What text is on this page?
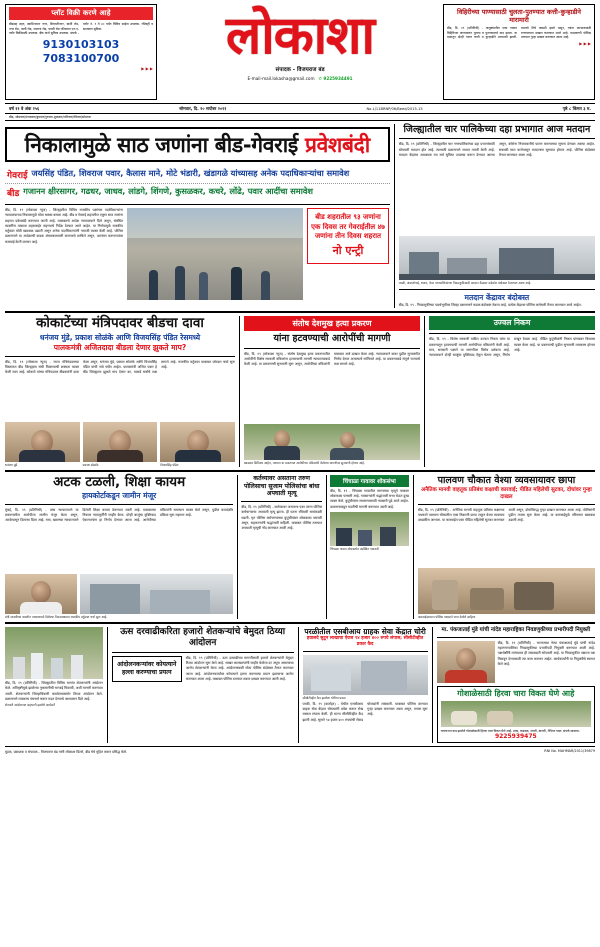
प्लॉट विक्री करणे आहे
बीडसह शहर, स्वामिनाथन नगर, शिवाजीनगर, बार्शी रोड, नगर रोड, पाली रोड, जालना रोड, परळी रोड परिसरात एन.ए. प्लॉट विक्रीसाठी उपलब्ध. बँक कर्ज सुविधा उपलब्ध. संपर्क - प्लॉट नं. १ ते ४० पर्यंत विविध साईज उपलब्ध. रजिस्ट्री व सातबारा सुविधा.
9130103103
7083100700
▶ ▶ ▶
लोकाशा
संपादक - विजयराज बंड
E-mail-mail.lokasha@gmail.com ✆ 9225934491
विहिरीच्या पाण्यासाठी चुलता-पुतण्यात कत्ती-कुन्हाडीने मारामारी
बीड, दि. १९ (प्रतिनिधी) - तालुक्यातील एका गावात विहिरीच्या पाण्यावरुन चुलता व पुतण्यामध्ये वाद झाला. या वादातून दोन्ही गटात कत्ती व कुन्हाडीने मारामारी झाली. यामध्ये तिघे जखमी झाले असून, त्यांना उपचारासाठी रुग्णालयात दाखल करण्यात आले आहे. याप्रकरणी पोलिस ठाण्यात गुन्हा दाखल करण्यात आला आहे.
▶ ▶ ▶
वर्ष ११ वे अंक २५६	सोमवार, दि. २० सप्टेंबर २०२१	No-L/11BRNP/06/Beed/2015-15	पृष्ठे ८ किंमत ३ रु.
बीड, सोमवार/मंगळवार/बुधवार/गुरुवार-शुक्रवार/शनिवार/रविवार/सोमवार
निकालामुळे साठ जणांना बीड-गेवराई प्रवेशबंदी
गेवराई जयसिंह पंडित, शिवराज पवार, कैलास माने, मोटे भंडारी, खंडागळे यांच्यासह अनेक पदाधिकाऱ्यांचा समावेश
बीड गजानन क्षीरसागर, गढधर, जाधव, लांडगे, शिंगणे, कुसळकर, कचरे, लोंढे, पवार आदींचा समावेश
बीड, दि. १९ (लोकाशा न्यूज) - जिल्ह्यातील विविध राजकीय पक्षांच्या पदाधिकाऱ्यांना न्यायालयाच्या निकालामुळे मोठा धक्का बसला आहे. बीड व गेवराई शहरातील एकूण साठ जणांना शहरात प्रवेशबंदी करण्यात आली आहे. याबाबतचे आदेश न्यायालयाने दिले असून, संबंधित व्यक्तींना तत्काळ शहराबाहेर राहण्याचे निर्देश देण्यात आले आहेत. या निर्णयामुळे राजकीय वर्तुळात मोठी खळबळ उडाली असून अनेक पदाधिकाऱ्यांनी नाराजी व्यक्त केली आहे. पोलिस प्रशासनाने या आदेशाची कडक अंमलबजावणी करण्याचे ठरविले असून, उल्लंघन करणाऱ्यांवर कारवाई केली जाणार आहे.
बीड शहरातील ९३ जणांना एक दिवस तर गेवराईतील ४७ जणांना तीन दिवस शहरात
नो एन्ट्री
जिल्ह्यातील चार पालिकेच्या दहा प्रभागात आज मतदान
बीड, दि. १९ (प्रतिनिधी) - जिल्ह्यातील चार नगरपालिकांच्या दहा प्रभागांसाठी सोमवारी मतदान होत आहे. त्यासाठी प्रशासनाने जय्यत तयारी केली आहे. मतदान केंद्रांवर आवश्यक त्या सर्व सुविधा उपलब्ध करून देण्यात आल्या असून, कोरोना नियमावलीचे पालन करण्याच्या सूचना देण्यात आल्या आहेत. सकाळी सात वाजेपासून मतदानास सुरुवात होणार आहे. पोलिस बंदोबस्त तैनात करण्यात आला आहे.
परळी, अंबाजोगाई, धारूर, केज नगरपालिकांच्या निवडणुकीसाठी मतदान केंद्रावर कडेकोट बंदोबस्त ठेवण्यात आला आहे.
मतदान केंद्रावर बंदोबस्त
बीड, दि. १९ - निवडणुकीच्या पार्श्वभूमीवर जिल्हा प्रशासनाने कडक बंदोबस्त ठेवला आहे. प्रत्येक केंद्रावर पोलिस कर्मचारी तैनात करण्यात आले आहेत.
कोकाटेंच्या मंत्रिपदावर बीडचा दावा
धनंजय मुंडे, प्रकाश सोळंके आणि विजयसिंह पंडित रेसमध्ये
पालकमंत्री अजितदादा बीडला देणार झुकते माप?
बीड, दि. १९ (लोकाशा न्यूज) - राज्य मंत्रिमंडळाच्या विस्तारात बीड जिल्ह्याला संधी मिळण्याची शक्यता व्यक्त केली जात आहे. कोकाटे यांच्या मंत्रिपदावर बीडकरांनी दावा केला असून, धनंजय मुंडे, प्रकाश सोळंके आणि विजयसिंह पंडित यांची नावे चर्चेत आहेत. पालकमंत्री अजित पवार हे बीड जिल्ह्याला झुकते माप देणार का, याकडे सर्वांचे लक्ष लागले आहे. राजकीय वर्तुळात याबाबत जोरदार चर्चा सुरू आहे.
धनंजय मुंडे	प्रकाश सोळंके	विजयसिंह पंडित
संतोष देशमुख हत्या प्रकरण
यांना हटवण्याची आरोपींची मागणी
बीड, दि. १९ (लोकाशा न्यूज) - संतोष देशमुख हत्या प्रकरणातील आरोपींनी विशेष सरकारी वकिलांना हटवण्याची मागणी न्यायालयाकडे केली आहे. या प्रकरणाची सुनावणी सुरू असून, आरोपींच्या वकिलांनी याबाबत अर्ज दाखल केला आहे. न्यायालयाने यावर पुढील सुनावणीत निर्णय देणार असल्याचे सांगितले आहे. या प्रकरणाकडे संपूर्ण राज्याचे लक्ष लागले आहे.
खासदार सिनिअर आहेत, न्यायात या प्रकरणात आरोपींच्या वकिलांनी केलेल्या मागणीवर सुनावणी होणार आहे.
उज्वल निकम
बीड, दि. १९ - विशेष सरकारी वकील उज्वल निकम यांना या प्रकरणातून हटवण्याची मागणी आरोपींच्या वकिलांनी केली आहे. मात्र, सरकारी पक्षाने या मागणीला विरोध दर्शवला आहे. न्यायालयाने दोन्ही बाजूंचा युक्तिवाद ऐकून घेतला असून, निर्णय राखून ठेवला आहे. पीडित कुटुंबीयांनी निकम यांच्यावर विश्वास व्यक्त केला आहे. या प्रकरणाची पुढील सुनावणी लवकरच होणार आहे.
अटक टळली, शिक्षा कायम
हायकोर्टाकडून जामीन मंजूर
मुंबई, दि. १९ (प्रतिनिधी) - उच्च न्यायालयाने या प्रकरणातील आरोपीला जामीन मंजूर केला असून, अटकेपासून दिलासा दिला आहे. मात्र, खालच्या न्यायालयाने दिलेली शिक्षा कायम ठेवण्यात आली आहे. याबाबतचा निकाल न्यायमूर्तींनी जाहीर केला. दोन्ही बाजूंचा युक्तिवाद ऐकल्यानंतर हा निर्णय देण्यात आला आहे. आरोपीच्या वकिलांनी समाधान व्यक्त केले असून, पुढील कायदेशीर प्रक्रिया सुरू राहणार आहे.
मंत्री व्यक्तीच्या बाबतीत न्यायालयाने दिलेल्या निकालाबाबत राजकीय वर्तुळात चर्चा सुरू आहे.
कर्तव्यावर असताना तरुण पोलिसाचा सुजाम पोलिसांचा बांधा अपघाती मृत्यू
बीड, दि. १९ (प्रतिनिधी) - कर्तव्यावर असताना एका तरुण पोलिस कर्मचाऱ्याचा अपघाती मृत्यू झाला. ही घटना रविवारी सायंकाळी घडली. मृत पोलिस कर्मचाऱ्याच्या कुटुंबीयांवर शोककळा पसरली असून, सहकाऱ्यांनी श्रद्धांजली वाहिली. याबाबत पोलिस ठाण्यात अपघाती मृत्यूची नोंद करण्यात आली आहे.
चिंचाळा गावावर शोकसंभा
बीड, दि. १९ - चिंचाळा गावातील तरुणाच्या मृत्यूने गावावर शोककळा पसरली आहे. गावकऱ्यांनी श्रद्धांजली सभा घेऊन दुःख व्यक्त केले. कुटुंबीयांना सावरण्यासाठी गावकरी पुढे आले आहेत. प्रशासनाकडून मदतीची मागणी करण्यात आली आहे.
चिंचाळा गावात शोकसभेत उपस्थित गावकरी
पालवण चौकात वेश्या व्यवसायावर छापा
अनैतिक मानवी वाहतूक प्रतिबंध कक्षाची कारवाई; पीडित महिलेची सुटका, दोघांवर गुन्हा दाखल
बीड, दि. १९ (प्रतिनिधी) - अनैतिक मानवी वाहतूक प्रतिबंध कक्षाच्या पथकाने पालवण चौकातील एका ठिकाणी छापा टाकून वेश्या व्यवसाय उघडकीस आणला. या कारवाईत एका पीडित महिलेची सुटका करण्यात आली असून, दोघांविरुद्ध गुन्हा दाखल करण्यात आला आहे. पोलिसांनी पुढील तपास सुरू केला आहे. या कारवाईमुळे परिसरात खळबळ उडाली आहे.
कारवाईदरम्यान पोलिस पथकाने जप्त केलेले साहित्य
बीड, दि. १९ (प्रतिनिधी) - जिल्ह्यातील विविध भागांत शेतकऱ्यांनी आंदोलन केले. अतिवृष्टीमुळे झालेल्या नुकसानीची भरपाई मिळावी, अशी मागणी करण्यात आली. शेतकऱ्यांनी जिल्हाधिकारी कार्यालयासमोर ठिय्या आंदोलन केले. प्रशासनाने लवकरच पंचनामे करून मदत देण्याचे आश्वासन दिले आहे.
शेतकरी आंदोलनात सहभागी झालेले कार्यकर्ते
ऊस दरवाढीकरिता हजारो शेतकऱ्यांचे बेमुदत ठिय्या आंदोलन
आंदोलनकऱ्यांवर कोयत्याने हल्ला करण्याचा प्रयत्न
बीड, दि. १९ (प्रतिनिधी) - ऊस दरवाढीच्या मागणीसाठी हजारो शेतकऱ्यांनी बेमुदत ठिय्या आंदोलन सुरू केले आहे. साखर कारखान्यांनी जाहीर केलेला दर अपुरा असल्याचा आरोप शेतकऱ्यांनी केला आहे. आंदोलनस्थळी मोठा पोलिस बंदोबस्त तैनात करण्यात आला आहे. आंदोलनकर्त्यांवर कोयत्याने हल्ला करण्याचा प्रयत्न झाल्याचा आरोप करण्यात आला आहे. याबाबत पोलिस ठाण्यात तक्रार दाखल करण्यात आली आहे.
परळीतील एसबीआय ग्राहक सेवा केंद्रात चोरी
हवालदे सुटून लाखाचा ऐवज ९४ हजार ४०० रुपये लंपास; सीसीटीव्हीत प्रकार कैद
सीसीटीव्हीत कैद झालेला चोरीचा प्रकार
परळी, दि. १९ (वार्ताहर) - येथील एसबीआय ग्राहक सेवा केंद्रात चोरट्यांनी प्रवेश करून रोख रक्कम लंपास केली. ही घटना सीसीटीव्हीत कैद झाली आहे. सुमारे ९४ हजार ४०० रुपयांची रोकड चोरट्यांनी लांबवली. याबाबत पोलिस ठाण्यात गुन्हा दाखल करण्यात आला असून, तपास सुरू आहे.
मा. पंकजाताई मुंडे यांची नांदेड महाराष्ट्रिका निवडणुकीच्या प्रभारीपदी नियुक्ती
बीड, दि. १९ (प्रतिनिधी) - भाजपच्या नेत्या पंकजाताई मुंडे यांची नांदेड महानगरपालिका निवडणुकीच्या प्रभारीपदी नियुक्ती करण्यात आली आहे. पक्षश्रेष्ठींनी त्यांच्यावर ही जबाबदारी सोपवली आहे. या निवडणुकीत पक्षाला यश मिळवून देण्यासाठी त्या काम करणार आहेत. कार्यकर्त्यांनी या नियुक्तीचे स्वागत केले आहे.
गोशाळेसाठी हिरवा चारा विकत घेणे आहे
गायरानात वाढ झालेले गोशाळेसाठी हिरवा चारा विकत घेणे आहे. मका, कडवळ, ज्वारी, बाजरी, नेपियर गवत. संपर्क साधावा.
9225939475
मुद्रक, प्रकाशक व संपादक - विजयराज बंड यांनी लोकाशा प्रिंटर्स, बीड येथे मुद्रित करून प्रसिद्ध केले.	RNI No. MAHMAR/2011/39879
